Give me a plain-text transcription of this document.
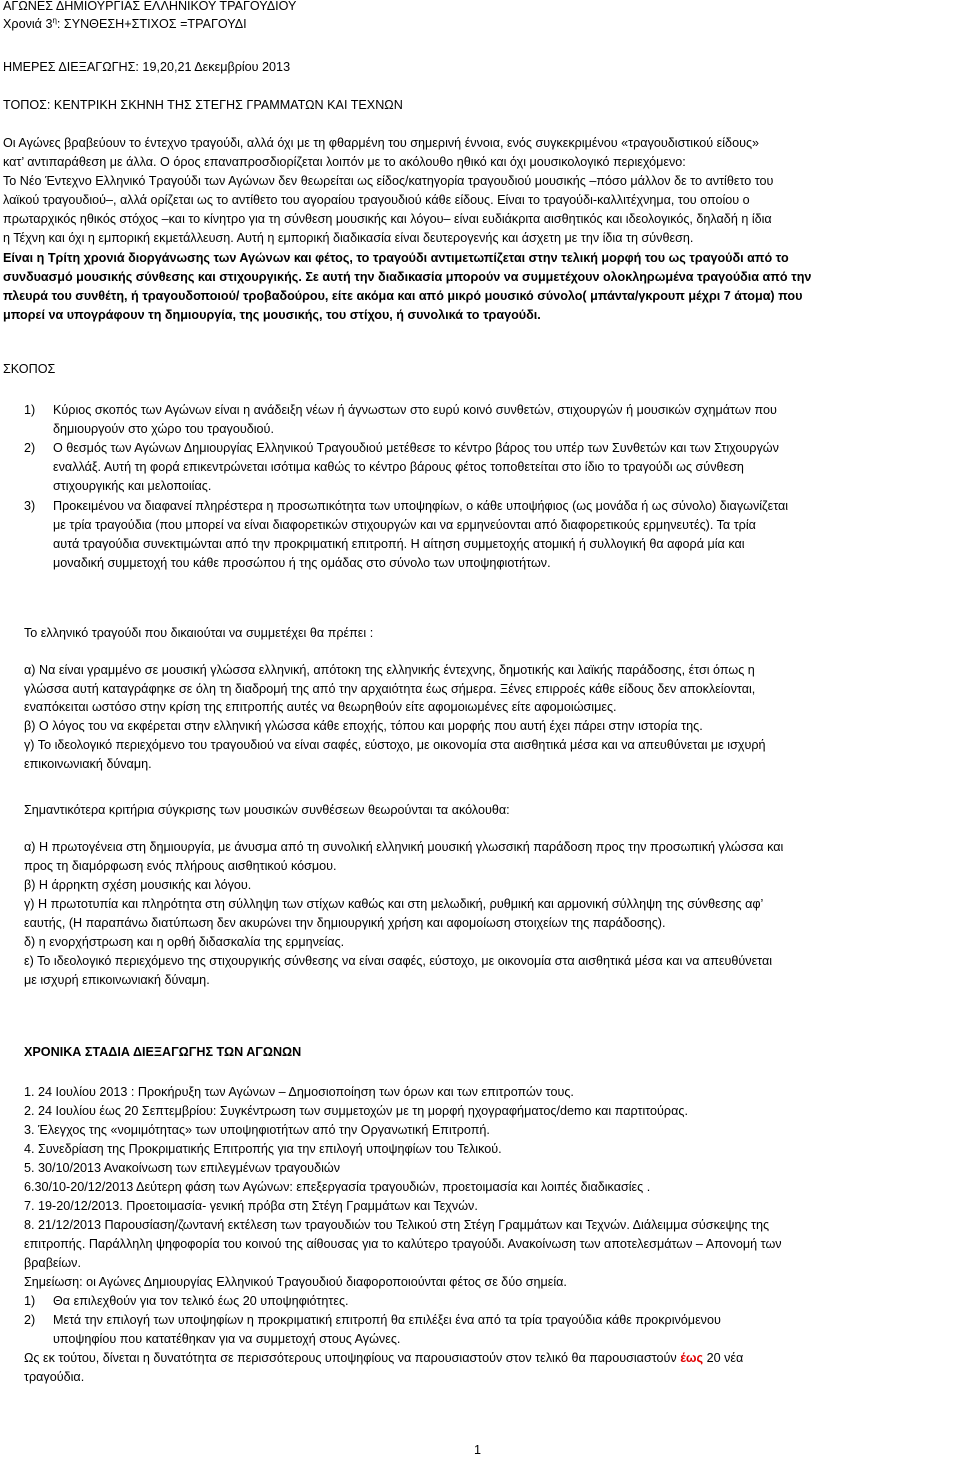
ΑΓΩΝΕΣ ΔΗΜΙΟΥΡΓΙΑΣ ΕΛΛΗΝΙΚΟΥ ΤΡΑΓΟΥΔΙΟΥ
Χρονιά $3^\eta$: ΣΥΝΘΕΣΗ+ΣΤΙΧΟΣ =ΤΡΑΓΟΥΔΙ
ΗΜΕΡΕΣ ΔΙΕΞΑΓΩΓΗΣ: 19,20,21 Δεκεμβρίου 2013
ΤΟΠΟΣ: ΚΕΝΤΡΙΚΗ ΣΚΗΝΗ ΤΗΣ ΣΤΕΓΗΣ ΓΡΑΜΜΑΤΩΝ ΚΑΙ ΤΕΧΝΩΝ
Οι Αγώνες βραβεύουν το έντεχνο τραγούδι, αλλά όχι με τη φθαρμένη του σημερινή έννοια, ενός συγκεκριμένου «τραγουδιστικού είδους»
κατ’ αντιπαράθεση με άλλα. Ο όρος επαναπροσδιορίζεται λοιπόν με το ακόλουθο ηθικό και όχι μουσικολογικό περιεχόμενο:
Το Νέο Έντεχνο Ελληνικό Τραγούδι των Αγώνων δεν θεωρείται ως είδος/κατηγορία τραγουδιού μουσικής –πόσο μάλλον δε το αντίθετο του
λαϊκού τραγουδιού–, αλλά ορίζεται ως το αντίθετο του αγοραίου τραγουδιού κάθε είδους. Είναι το τραγούδι-καλλιτέχνημα, του οποίου ο
πρωταρχικός ηθικός στόχος –και το κίνητρο για τη σύνθεση μουσικής και λόγου– είναι ευδιάκριτα αισθητικός και ιδεολογικός, δηλαδή η ίδια
η Τέχνη και όχι η εμπορική εκμετάλλευση. Αυτή η εμπορική διαδικασία είναι δευτερογενής και άσχετη με την ίδια τη σύνθεση.
Είναι η Τρίτη χρονιά διοργάνωσης των Αγώνων και φέτος, το τραγούδι αντιμετωπίζεται στην τελική μορφή του ως τραγούδι από το
συνδυασμό μουσικής σύνθεσης και στιχουργικής. Σε αυτή την διαδικασία μπορούν να συμμετέχουν ολοκληρωμένα τραγούδια από την
πλευρά του συνθέτη, ή τραγουδοποιού/ τροβαδούρου, είτε ακόμα και από μικρό μουσικό σύνολο( μπάντα/γκρουπ μέχρι 7 άτομα) που
μπορεί να υπογράφουν τη δημιουργία, της μουσικής, του στίχου, ή συνολικά το τραγούδι.
ΣΚΟΠΟΣ
1) Κύριος σκοπός των Αγώνων είναι η ανάδειξη νέων ή άγνωστων στο ευρύ κοινό συνθετών, στιχουργών ή μουσικών σχημάτων που
δημιουργούν στο χώρο του τραγουδιού.
2) Ο θεσμός των Αγώνων Δημιουργίας Ελληνικού Τραγουδιού μετέθεσε το κέντρο βάρος του υπέρ των Συνθετών και των Στιχουργών
εναλλάξ. Αυτή τη φορά επικεντρώνεται ισότιμα καθώς το κέντρο βάρους φέτος τοποθετείται στο ίδιο το τραγούδι ως σύνθεση
στιχουργικής και μελοποιίας.
3) Προκειμένου να διαφανεί πληρέστερα η προσωπικότητα των υποψηφίων, ο κάθε υποψήφιος (ως μονάδα ή ως σύνολο) διαγωνίζεται
με τρία τραγούδια (που μπορεί να είναι διαφορετικών στιχουργών και να ερμηνεύονται από διαφορετικούς ερμηνευτές). Τα τρία
αυτά τραγούδια συνεκτιμώνται από την προκριματική επιτροπή. Η αίτηση συμμετοχής ατομική ή συλλογική θα αφορά μία και
μοναδική συμμετοχή του κάθε προσώπου ή της ομάδας στο σύνολο των υποψηφιοτήτων.
Το ελληνικό τραγούδι που δικαιούται να συμμετέχει θα πρέπει :
α) Να είναι γραμμένο σε μουσική γλώσσα ελληνική, απότοκη της ελληνικής έντεχνης, δημοτικής και λαϊκής παράδοσης, έτσι όπως η
γλώσσα αυτή καταγράφηκε σε όλη τη διαδρομή της από την αρχαιότητα έως σήμερα. Ξένες επιρροές κάθε είδους δεν αποκλείονται,
εναπόκειται ωστόσο στην κρίση της επιτροπής αυτές να θεωρηθούν είτε αφομοιωμένες είτε αφομοιώσιμες.
β) Ο λόγος του να εκφέρεται στην ελληνική γλώσσα κάθε εποχής, τόπου και μορφής που αυτή έχει πάρει στην ιστορία της.
γ) Το ιδεολογικό περιεχόμενο του τραγουδιού να είναι σαφές, εύστοχο, με οικονομία στα αισθητικά μέσα και να απευθύνεται με ισχυρή
επικοινωνιακή δύναμη.
Σημαντικότερα κριτήρια σύγκρισης των μουσικών συνθέσεων θεωρούνται τα ακόλουθα:
α) Η πρωτογένεια στη δημιουργία, με άνυσμα από τη συνολική ελληνική μουσική γλωσσική παράδοση προς την προσωπική γλώσσα και
προς τη διαμόρφωση ενός πλήρους αισθητικού κόσμου.
β) Η άρρηκτη σχέση μουσικής και λόγου.
γ) Η πρωτοτυπία και πληρότητα στη σύλληψη των στίχων καθώς και στη μελωδική, ρυθμική και αρμονική σύλληψη της σύνθεσης αφ’
εαυτής, (Η παραπάνω διατύπωση δεν ακυρώνει την δημιουργική χρήση και αφομοίωση στοιχείων της παράδοσης).
δ) η ενορχήστρωση και η ορθή διδασκαλία της ερμηνείας.
ε) Το ιδεολογικό περιεχόμενο της στιχουργικής σύνθεσης να είναι σαφές, εύστοχο, με οικονομία στα αισθητικά μέσα και να απευθύνεται
με ισχυρή επικοινωνιακή δύναμη.
ΧΡΟΝΙΚΑ ΣΤΑΔΙΑ ΔΙΕΞΑΓΩΓΗΣ ΤΩΝ ΑΓΩΝΩΝ
1. 24 Ιουλίου 2013 : Προκήρυξη των Αγώνων – Δημοσιοποίηση των όρων και των επιτροπών τους.
2. 24 Ιουλίου έως 20 Σεπτεμβρίου: Συγκέντρωση των συμμετοχών με τη μορφή ηχογραφήματος/demo και παρτιτούρας.
3. Έλεγχος της «νομιμότητας» των υποψηφιοτήτων από την Οργανωτική Επιτροπή.
4. Συνεδρίαση της Προκριματικής Επιτροπής για την επιλογή υποψηφίων του Τελικού.
5. 30/10/2013 Ανακοίνωση των επιλεγμένων τραγουδιών
6.30/10-20/12/2013 Δεύτερη φάση των Αγώνων: επεξεργασία τραγουδιών, προετοιμασία και λοιπές διαδικασίες .
7. 19-20/12/2013. Προετοιμασία- γενική πρόβα στη Στέγη Γραμμάτων και Τεχνών.
8. 21/12/2013 Παρουσίαση/ζωντανή εκτέλεση των τραγουδιών του Τελικού στη Στέγη Γραμμάτων και Τεχνών. Διάλειμμα σύσκεψης της
επιτροπής. Παράλληλη ψηφοφορία του κοινού της αίθουσας για το καλύτερο τραγούδι. Ανακοίνωση των αποτελεσμάτων – Απονομή των
βραβείων.
Σημείωση: οι Αγώνες Δημιουργίας Ελληνικού Τραγουδιού διαφοροποιούνται φέτος σε δύο σημεία.
1) Θα επιλεχθούν για τον τελικό έως 20 υποψηφιότητες.
2) Μετά την επιλογή των υποψηφίων η προκριματική επιτροπή θα επιλέξει ένα από τα τρία τραγούδια κάθε προκρινόμενου
υποψηφίου που κατατέθηκαν για να συμμετοχή στους Αγώνες.
Ως εκ τούτου, δίνεται η δυνατότητα σε περισσότερους υποψηφίους να παρουσιαστούν στον τελικό θα παρουσιαστούν έως 20 νέα
τραγούδια.
1
